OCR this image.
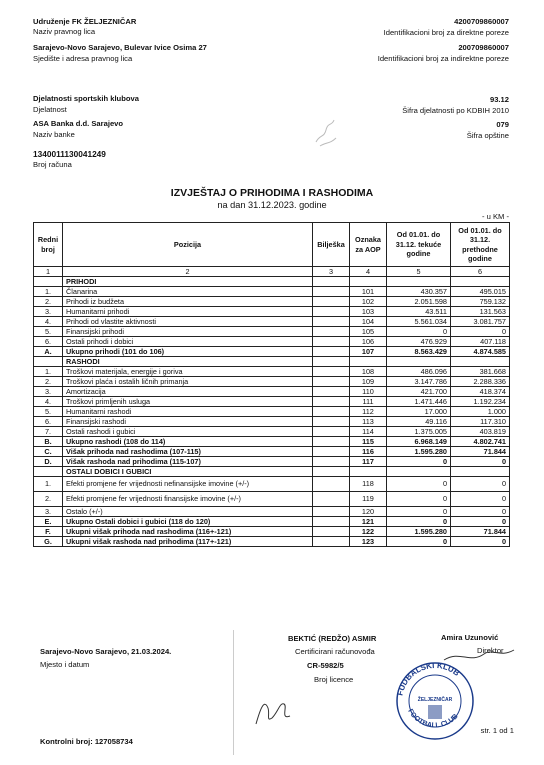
Udruženje FK ŽELJEZNIČAR
Naziv pravnog lica
Sarajevo-Novo Sarajevo, Bulevar Ivice Osima 27
Sjedište i adresa pravnog lica
Djelatnosti sportskih klubova
Djelatnost
ASA Banka d.d. Sarajevo
Naziv banke
1340011130041249
Broj računa
4200709860007
Identifikacioni broj za direktne poreze
200709860007
Identifikacioni broj za indirektne poreze
93.12
Šifra djelatnosti po KDBIH 2010
079
Šifra opštine
IZVJEŠTAJ O PRIHODIMA I RASHODIMA
na dan 31.12.2023. godine
- u KM -
Redni broj	Pozicija	Bilješka	Oznaka za AOP	Od 01.01. do 31.12. tekuće godine	Od 01.01. do 31.12. prethodne godine
1	2	3	4	5	6
	PRIHODI				
1.	Članarina		101	430.357	495.015
2.	Prihodi iz budžeta		102	2.051.598	759.132
3.	Humanitarni prihodi		103	43.511	131.563
4.	Prihodi od vlastite aktivnosti		104	5.561.034	3.081.757
5.	Finansijski prihodi		105	0	0
6.	Ostali prihodi i dobici		106	476.929	407.118
A.	Ukupno prihodi (101 do 106)		107	8.563.429	4.874.585
	RASHODI				
1.	Troškovi materijala, energije i goriva		108	486.096	381.668
2.	Troškovi plaća i ostalih ličnih primanja		109	3.147.786	2.288.336
3.	Amortizacija		110	421.700	418.374
4.	Troškovi primljenih usluga		111	1.471.446	1.192.234
5.	Humanitarni rashodi		112	17.000	1.000
6.	Finansijski rashodi		113	49.116	117.310
7.	Ostali rashodi i gubici		114	1.375.005	403.819
B.	Ukupno rashodi (108 do 114)		115	6.968.149	4.802.741
C.	Višak prihoda nad rashodima (107-115)		116	1.595.280	71.844
D.	Višak rashoda nad prihodima (115-107)		117	0	0
	OSTALI DOBICI I GUBICI				
1.	Efekti promjene fer vrijednosti nefinansijske imovine (+/-)		118	0	0
2.	Efekti promjene fer vrijednosti finansijske imovine (+/-)		119	0	0
3.	Ostalo (+/-)		120	0	0
E.	Ukupno Ostali dobici i gubici (118 do 120)		121	0	0
F.	Ukupni višak prihoda nad rashodima (116+-121)		122	1.595.280	71.844
G.	Ukupni višak rashoda nad prihodima (117+-121)		123	0	0
Sarajevo-Novo Sarajevo, 21.03.2024.
Mjesto i datum
Kontrolni broj: 127058734
BEKTIĆ (REDŽO) ASMIR
Certificirani računovođa
CR-5982/5
Broj licence
Amira Uzunović
Direktor
FUDBALSKI KLUB
ŽELJEZNIČAR
FOOTBALL CLUB
str. 1 od 1
